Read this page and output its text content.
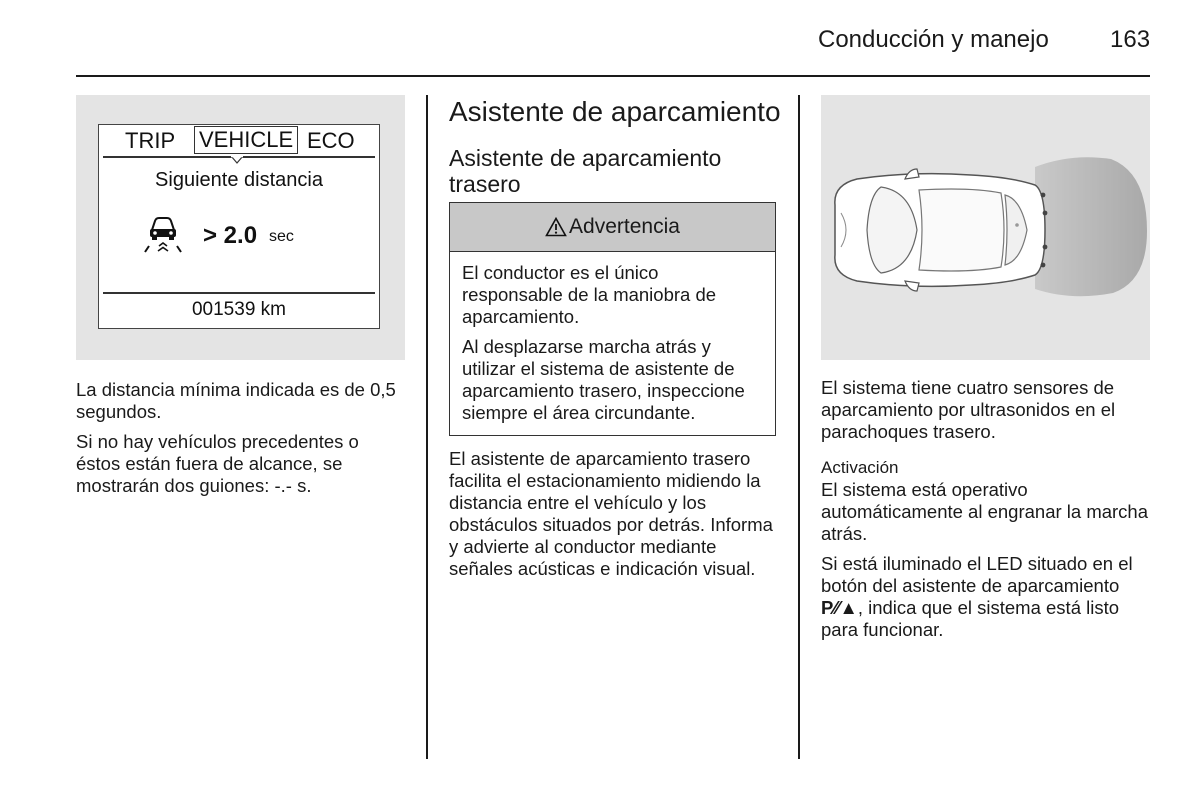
Conducción y manejo	163
TRIP VEHICLE ECO
Siguiente distancia
> 2.0 sec
001539 km

La distancia mínima indicada es de 0,5 segundos.

Si no hay vehículos precedentes o éstos están fuera de alcance, se mostrarán dos guiones: -.- s.

Asistente de aparcamiento
Asistente de aparcamiento trasero
Advertencia

El conductor es el único responsable de la maniobra de aparcamiento.

Al desplazarse marcha atrás y utilizar el sistema de asistente de aparcamiento trasero, inspeccione siempre el área circundante.

El asistente de aparcamiento trasero facilita el estacionamiento midiendo la distancia entre el vehículo y los obstáculos situados por detrás. Informa y advierte al conductor mediante señales acústicas e indicación visual.

El sistema tiene cuatro sensores de aparcamiento por ultrasonidos en el parachoques trasero.

Activación

El sistema está operativo automáticamente al engranar la marcha atrás.

Si está iluminado el LED situado en el botón del asistente de aparcamiento P⁄⁄▲, indica que el sistema está listo para funcionar.
